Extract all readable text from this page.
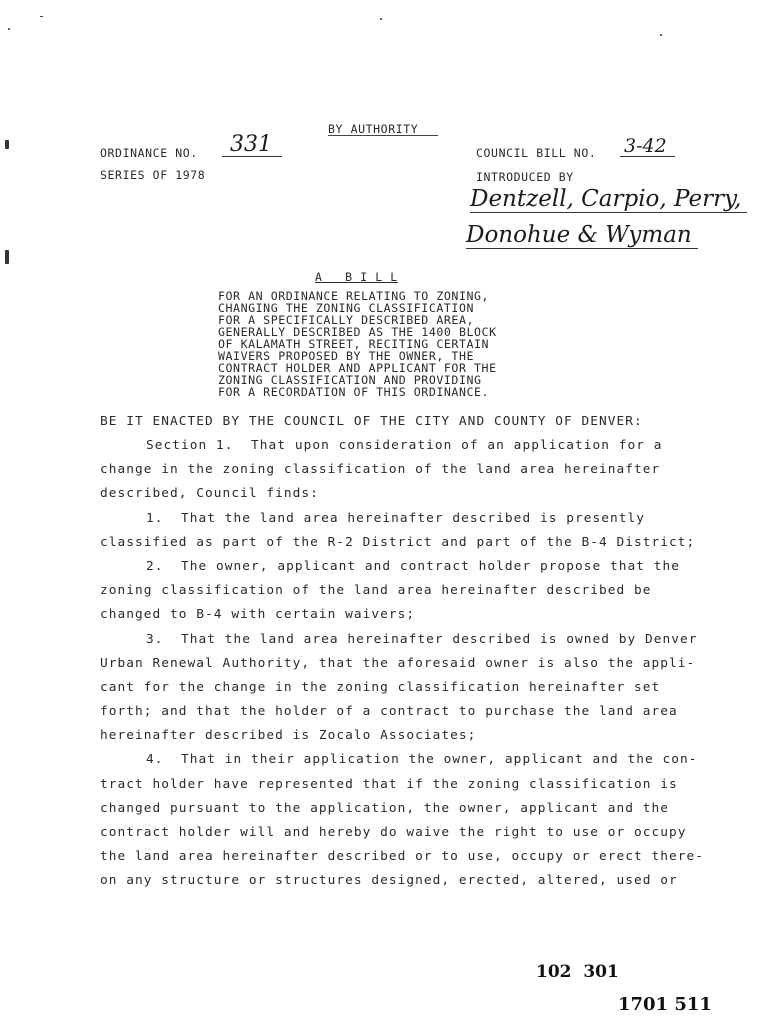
BY AUTHORITY
ORDINANCE NO.	331
SERIES OF 1978
COUNCIL BILL NO. 3-42
INTRODUCED BY
Dentzell, Carpio, Perry,
Donohue & Wyman
A   B I L L
FOR AN ORDINANCE RELATING TO ZONING,
CHANGING THE ZONING CLASSIFICATION
FOR A SPECIFICALLY DESCRIBED AREA,
GENERALLY DESCRIBED AS THE 1400 BLOCK
OF KALAMATH STREET, RECITING CERTAIN
WAIVERS PROPOSED BY THE OWNER, THE
CONTRACT HOLDER AND APPLICANT FOR THE
ZONING CLASSIFICATION AND PROVIDING
FOR A RECORDATION OF THIS ORDINANCE.
BE IT ENACTED BY THE COUNCIL OF THE CITY AND COUNTY OF DENVER:
Section 1.  That upon consideration of an application for a
change in the zoning classification of the land area hereinafter
described, Council finds:
1.  That the land area hereinafter described is presently
classified as part of the R-2 District and part of the B-4 District;
2.  The owner, applicant and contract holder propose that the
zoning classification of the land area hereinafter described be
changed to B-4 with certain waivers;
3.  That the land area hereinafter described is owned by Denver
Urban Renewal Authority, that the aforesaid owner is also the appli-
cant for the change in the zoning classification hereinafter set
forth; and that the holder of a contract to purchase the land area
hereinafter described is Zocalo Associates;
4.  That in their application the owner, applicant and the con-
tract holder have represented that if the zoning classification is
changed pursuant to the application, the owner, applicant and the
contract holder will and hereby do waive the right to use or occupy
the land area hereinafter described or to use, occupy or erect there-
on any structure or structures designed, erected, altered, used or
102  301
1701 511
